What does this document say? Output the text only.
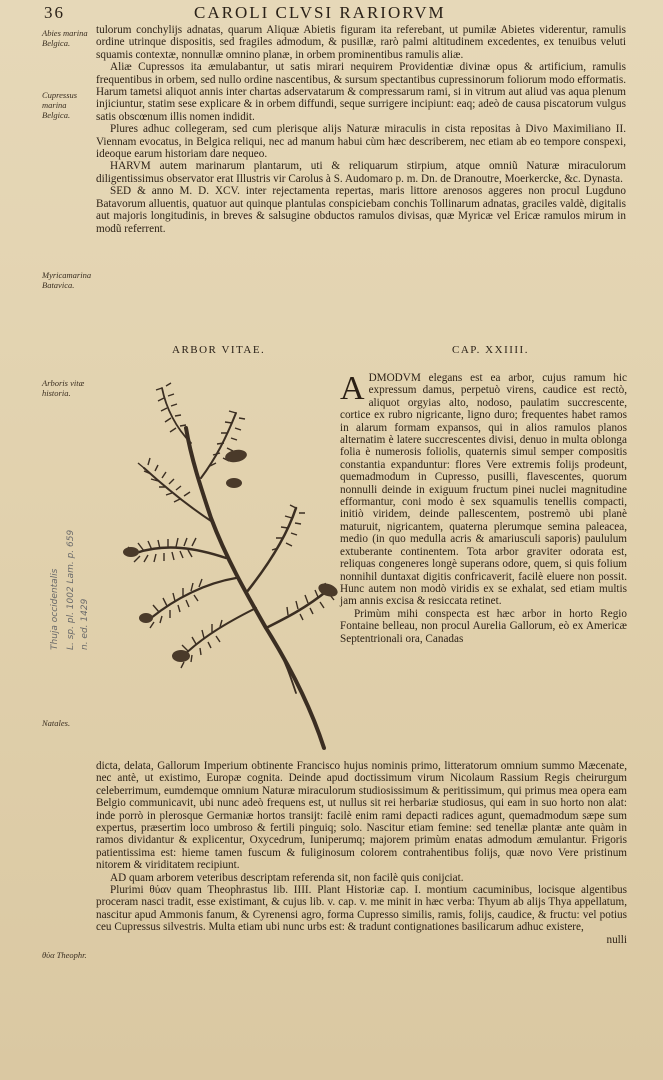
36	CAROLI CLVSI RARIORVM
Abies marina Belgica.
Cupressus marina Belgica.
Myricamarina Batavica.
Arboris vitæ historia.
Natales.
θύα Theophr.
Thuja occidentalis L. sp. pl. 1002 Lam. p. 659 n. ed. 1429

tulorum conchylijs adnatas, quarum Aliquæ Abietis figuram ita referebant, ut pumilæ Abietes viderentur, ramulis ordine utrinque dispositis, sed fragiles admodum, & pusillæ, rarò palmi altitudinem excedentes, ex tenuibus veluti squamis contextæ, nonnullæ omnino planæ, in orbem prominentibus ramulis aliæ.

Aliæ Cupressos ita æmulabantur, ut satis mirari nequirem Providentiæ divinæ opus & artificium, ramulis frequentibus in orbem, sed nullo ordine nascentibus, & sursum spectantibus cupressinorum foliorum modo efformatis. Harum tametsi aliquot annis inter chartas adservatarum & compressarum rami, si in vitrum aut aliud vas aqua plenum injiciuntur, statim sese explicare & in orbem diffundi, seque surrigere incipiunt: eaq; adeò de causa piscatorum vulgus satis obscœnum illis nomen indidit.

Plures adhuc collegeram, sed cum plerisque alijs Naturæ miraculis in cista repositas à Divo Maximiliano II. Viennam evocatus, in Belgica reliqui, nec ad manum habui cùm hæc describerem, nec etiam ab eo tempore conspexi, ideoque earum historiam dare nequeo.

HARVM autem marinarum plantarum, uti & reliquarum stirpium, atque omniũ Naturæ miraculorum diligentissimus observator erat Illustris vir Carolus à S. Audomaro p. m. Dn. de Dranoutre, Moerkercke, &c. Dynasta.

SED & anno M. D. XCV. inter rejectamenta repertas, maris littore arenosos aggeres non procul Lugduno Batavorum alluentis, quatuor aut quinque plantulas conspiciebam conchis Tollinarum adnatas, graciles valdè, digitalis aut majoris longitudinis, in breves & salsugine obductos ramulos divisas, quæ Myricæ vel Ericæ ramulos mirum in modũ referrent.

ARBOR VITAE.	CAP. XXIIII.

ADMODVM elegans est ea arbor, cujus ramum hic expressum damus, perpetuò virens, caudice est rectò, aliquot orgyias alto, nodoso, paulatim succrescente, cortice ex rubro nigricante, ligno duro; frequentes habet ramos in alarum formam expansos, qui in alios ramulos planos alternatim è latere succrescentes divisi, denuo in multa oblonga folia è numerosis foliolis, quaternis simul semper compositis constantia expanduntur: flores Vere extremis folijs prodeunt, quemadmodum in Cupresso, pusilli, flavescentes, quorum nonnulli deinde in exiguum fructum pinei nuclei magnitudine efformantur, coni modo è sex squamulis tenellis compacti, initiò viridem, deinde pallescentem, postremò ubi planè maturuit, nigricantem, quaterna plerumque semina paleacea, medio (in quo medulla acris & amariusculi saporis) paululum extuberante continentem. Tota arbor graviter odorata est, reliquas congeneres longè superans odore, quem, si quis folium nonnihil duntaxat digitis confricaverit, facilè eluere non possit. Hunc autem non modò viridis ex se exhalat, sed etiam multis jam annis excisa & resiccata retinet.

Primùm mihi conspecta est hæc arbor in horto Regio Fontaine belleau, non procul Aurelia Gallorum, eò ex Americæ Septentrionali ora, Canadas

dicta, delata, Gallorum Imperium obtinente Francisco hujus nominis primo, litteratorum omnium summo Mæcenate, nec antè, ut existimo, Europæ cognita. Deinde apud doctissimum virum Nicolaum Rassium Regis cheirurgum celeberrimum, eumdemque omnium Naturæ miraculorum studiosissimum & peritissimum, qui primus mea opera eam Belgio communicavit, ubi nunc adeò frequens est, ut nullus sit rei herbariæ studiosus, qui eam in suo horto non alat: inde porrò in plerosque Germaniæ hortos transijt: facilè enim rami depacti radices agunt, quemadmodum sæpe sum expertus, præsertim loco umbroso & fertili pinguiq; solo. Nascitur etiam femine: sed tenellæ plantæ ante quàm in ramos dividantur & explicentur, Oxycedrum, Iuniperumq; majorem primùm enatas admodum æmulantur. Frigoris patientissima est: hieme tamen fuscum & fuliginosum colorem contrahentibus folijs, quæ novo Vere pristinum nitorem & viriditatem recipiunt.

AD quam arborem veteribus descriptam referenda sit, non facilè quis conijciat.

Plurimi θύαν quam Theophrastus lib. IIII. Plant Historiæ cap. I. montium cacuminibus, locisque algentibus proceram nasci tradit, esse existimant, & cujus lib. v. cap. v. me minit in hæc verba: Thyum ab alijs Thya appellatum, nascitur apud Ammonis fanum, & Cyrenensi agro, forma Cupresso similis, ramis, folijs, caudice, & fructu: vel potius ceu Cupressus silvestris. Multa etiam ubi nunc urbs est: & tradunt contignationes basilicarum adhuc existere,

nulli
